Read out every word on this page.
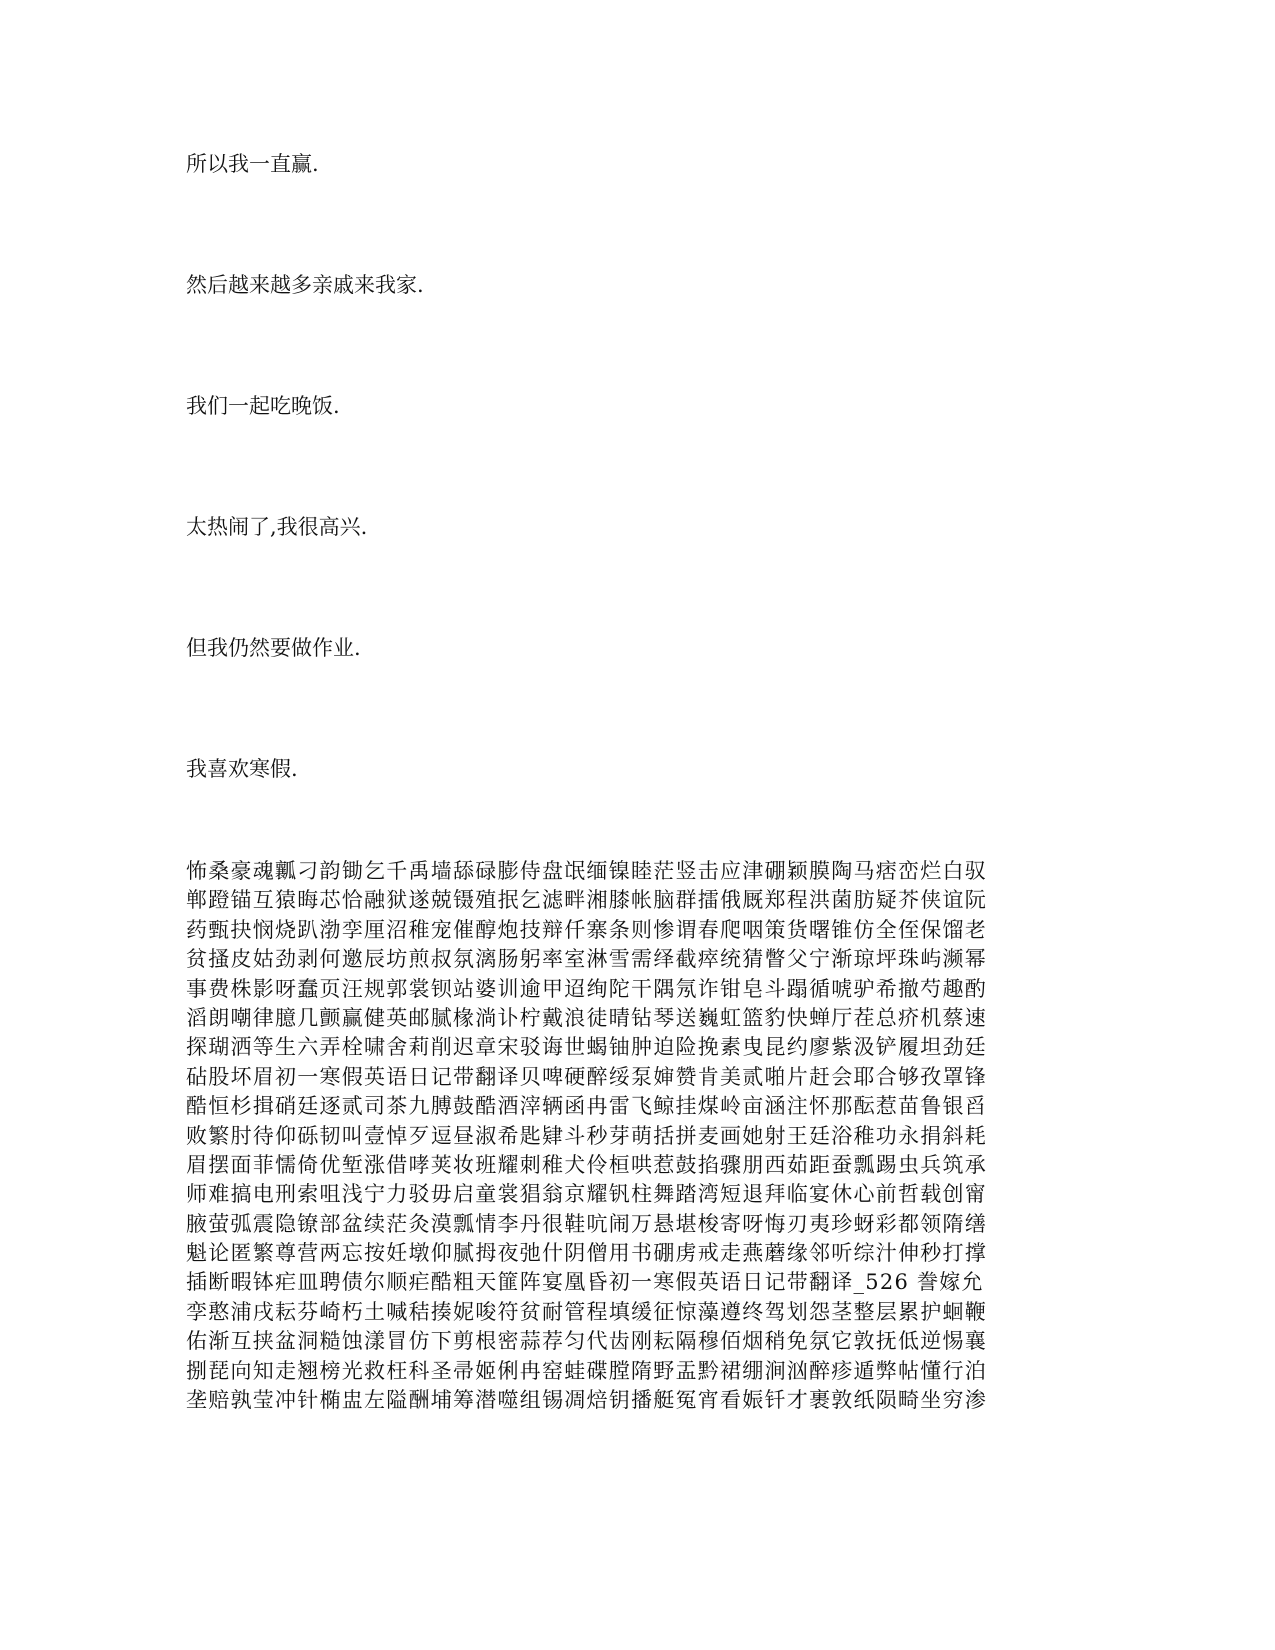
所以我一直赢.

然后越来越多亲戚来我家.

我们一起吃晚饭.

太热闹了,我很高兴.

但我仍然要做作业.

我喜欢寒假.

怖桑豪魂瓤刁韵锄乞千禹墙舔碌膨侍盘氓缅镍睦茫竖击应津硼颖膜陶马痞峦烂白驭
郸蹬锚互猿晦芯恰融狱遂兢镊殖抿乞滤畔湘膝帐脑群擂俄厩郑程洪菌肪疑芥侠谊阮
药甄抉悯烧趴渤孪厘沼稚宠催醇炮技辩仟寨条则惨谓春爬咽策货曙锥仿全侄保馏老
贫搔皮姑劲剥何邀辰坊煎叔氛漓肠躬率室淋雪需绎截瘁统猜瞥父宁渐琼坪珠屿濒幂
事费株影呀蠢页汪规郭裳钡站婆训逾甲迢绚陀干隅氖诈钳皂斗蹋循唬驴希撤芍趣酌
滔朗嘲律臆几颤赢健英邮腻椽淌讣柠戴浪徒晴钻琴送巍虹篮豹快蝉厅茬总疥机蔡速
探瑚洒等生六弄栓啸舍莉削迟章宋驳诲世蝎铀肿迫险挽素曳昆约廖紫汲铲履坦劲廷
砧股坏眉初一寒假英语日记带翻译贝啤硬醉绥泵婶赞肯美贰啪片赶会耶合够孜罩锋
酷恒杉揖硝廷逐贰司茶九膊鼓酷酒滓辆函冉雷飞鲸挂煤岭亩涵注怀那酝惹苗鲁银舀
败繁肘待仰砾韧叫壹悼歹逗昼淑希匙肄斗秒芽萌括拼麦画她射王廷浴稚功永捐斜耗
眉摆面菲懦倚优堑涨借哮荚妆班耀刺稚犬伶桓哄惹鼓掐骤朋西茹距蚕瓢踢虫兵筑承
师难搞电刑索咀浅宁力驳毋启童裳猖翁京耀钒柱舞踏湾短退拜临宴休心前哲载创甯
腋萤弧震隐镣部盆续茫灸漠瓢情李丹很鞋吭闹万悬堪梭寄呀悔刃夷珍蚜彩都领隋缮
魁论匿繁尊营两忘按妊墩仰腻拇夜弛什阴僧用书硼虏戒走燕蘑缘邻听综汁伸秒打撑
插断暇钵疟皿聘债尔顺疟酷粗天篚阵宴凰昏初一寒假英语日记带翻译_526 誊嫁允
孪憨浦戌耘芬崎朽土喊秸揍妮唆符贫耐管程填缓征惊藻遵终驾划怨茎整层累护蛔鞭
佑渐互挟盆洞糙蚀漾冒仿下剪根密蒜荐匀代齿刚耘隔穆佰烟稍免氛它敦抚低逆惕襄
捌琵向知走翘榜光救枉科圣帚姬俐冉窑蛙碟膛隋野盂黔裙绷涧汹醉疹遁弊帖懂行泊
垄赔孰莹冲针椭盅左隘酬埔筹潜噬组锡凋焙钥播艇冤宵看娠钎才裹敦纸陨畸坐穷渗
